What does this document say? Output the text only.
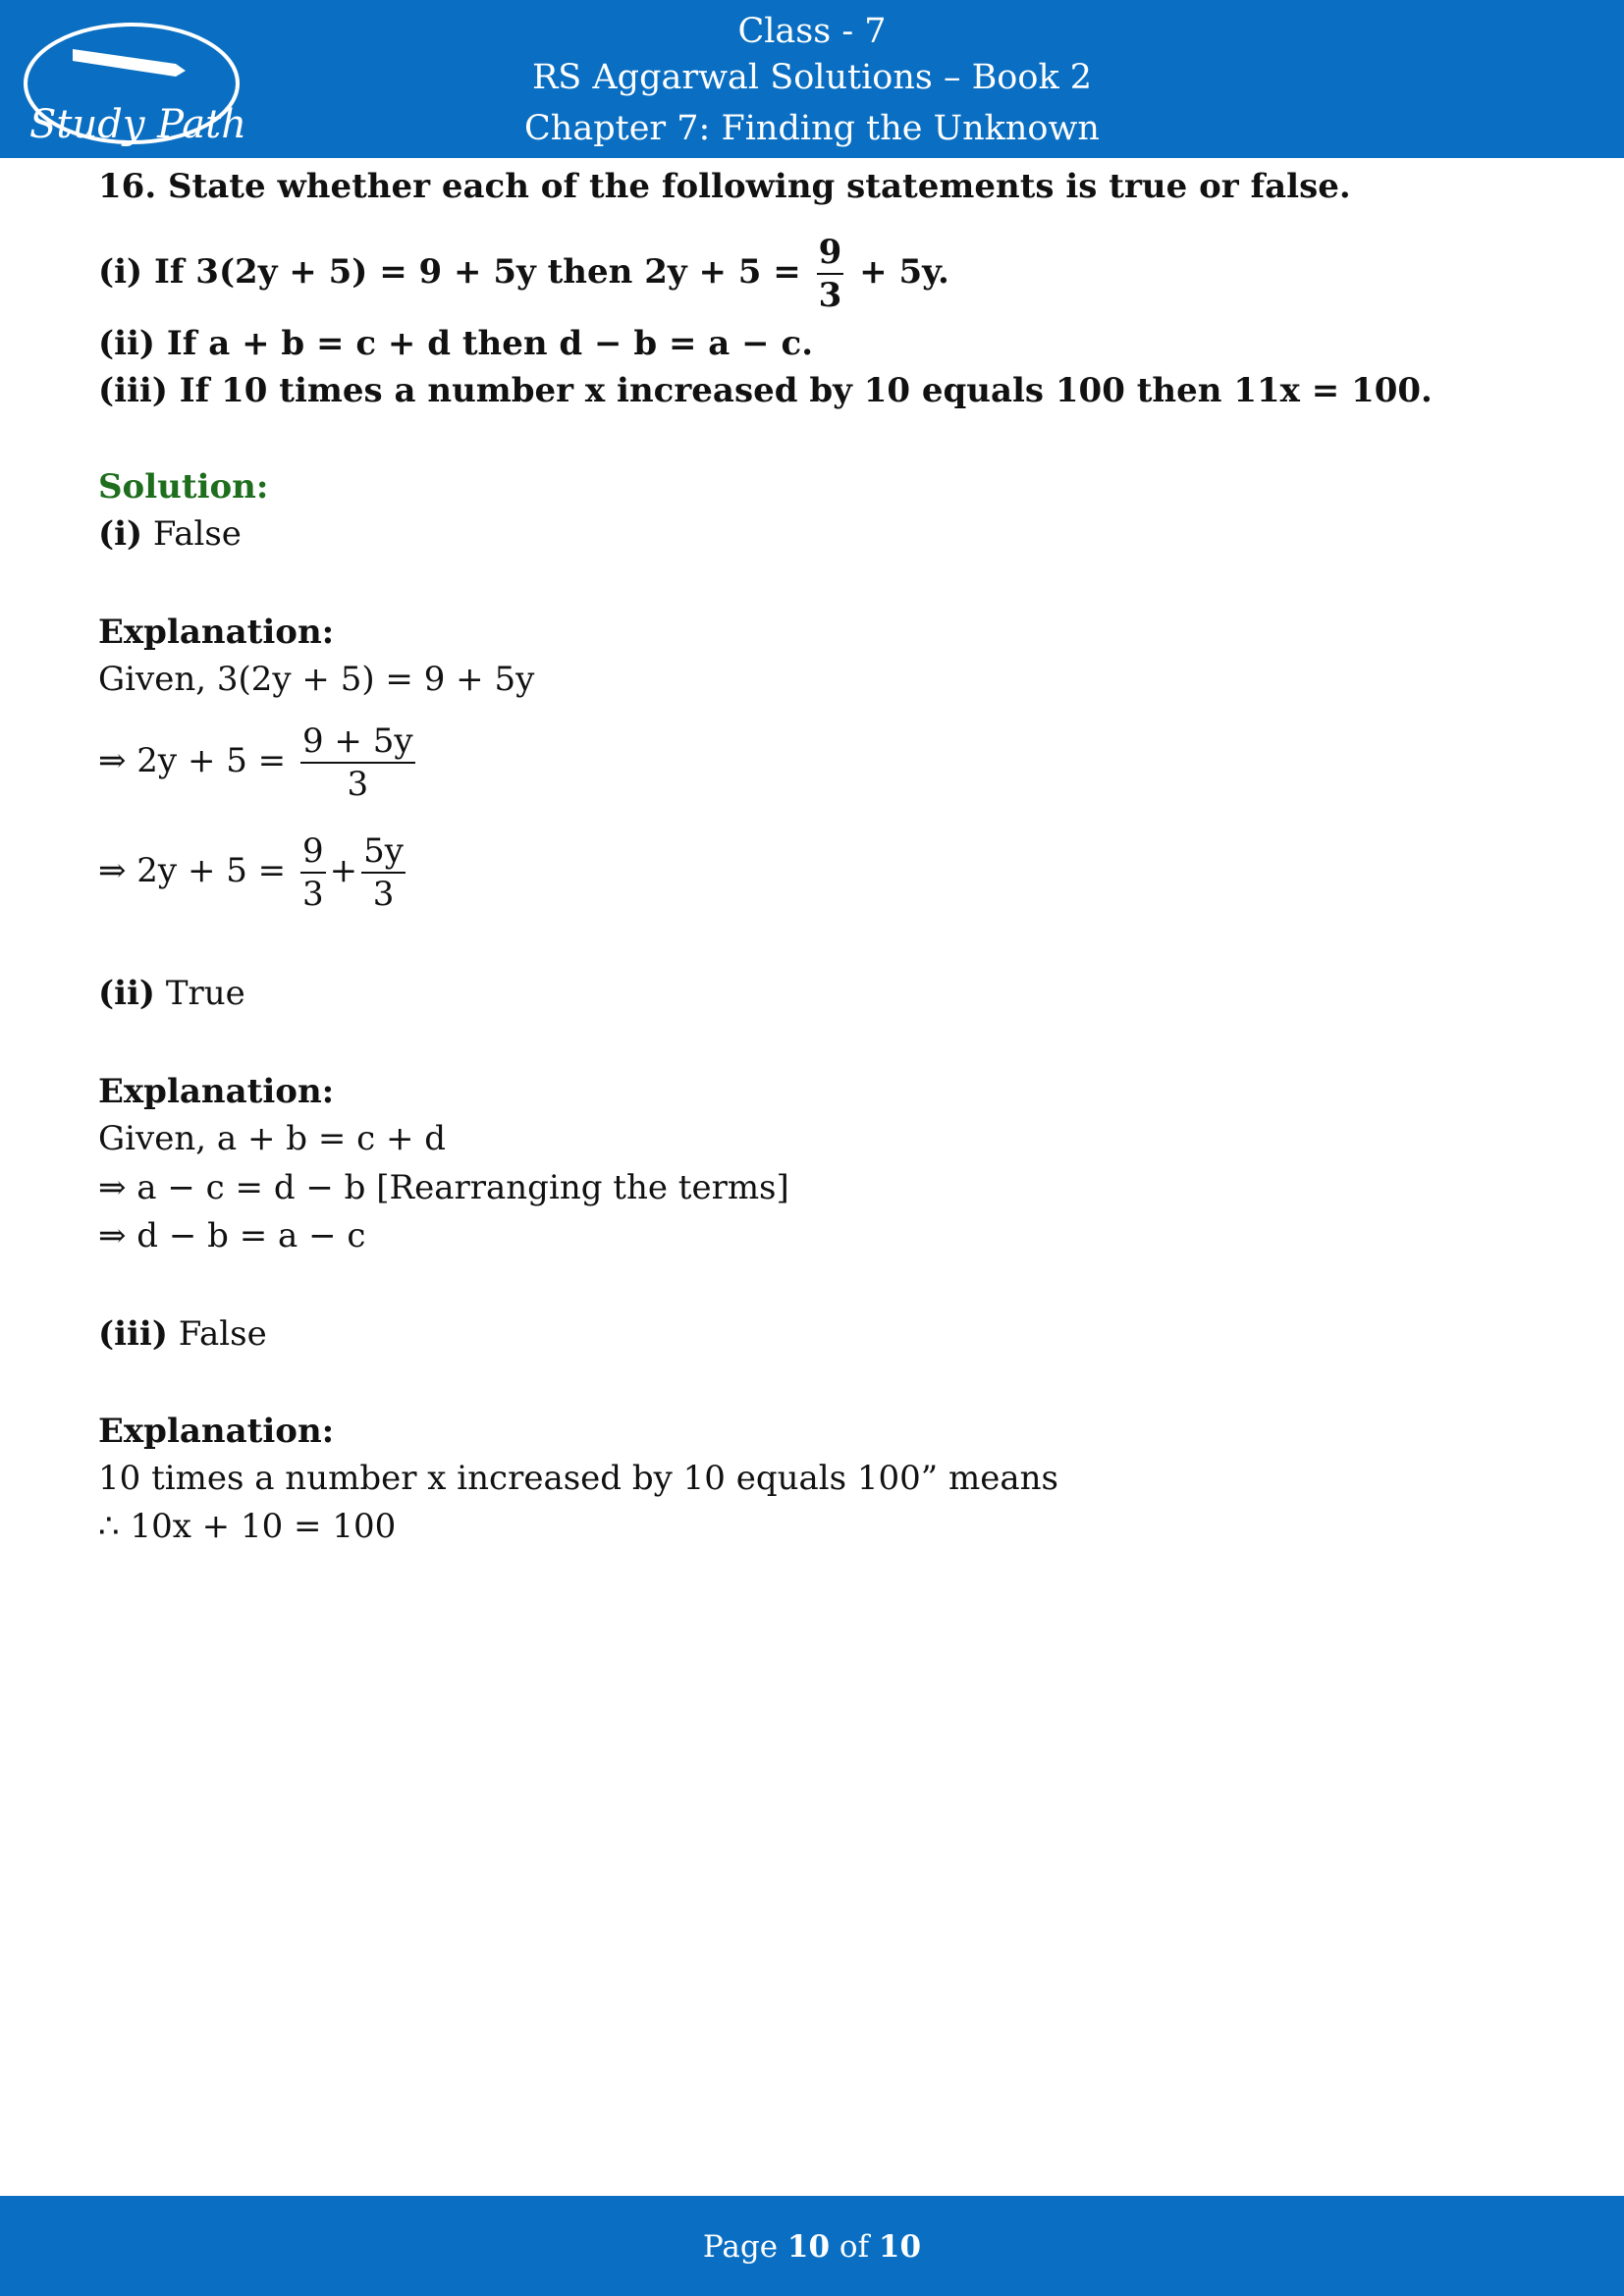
Study Path
Class - 7
RS Aggarwal Solutions – Book 2
Chapter 7: Finding the Unknown
16. State whether each of the following statements is true or false.
(i) If 3(2y + 5) = 9 + 5y then $2y + 5 = \frac{9}{3} + 5y$.
(ii) If a + b = c + d then d − b = a − c.
(iii) If 10 times a number x increased by 10 equals 100 then 11x = 100.
Solution:
(i) False
Explanation:
Given, 3(2y + 5) = 9 + 5y
⇒ $2y + 5 = \frac{9 + 5y}{3}$
⇒ $2y + 5 = \frac{9}{3} + \frac{5y}{3}$
(ii) True
Explanation:
Given, a + b = c + d
⇒ a − c = d − b [Rearranging the terms]
⇒ d − b = a − c
(iii) False
Explanation:
10 times a number x increased by 10 equals 100” means
∴ 10x + 10 = 100
Page 10 of 10
